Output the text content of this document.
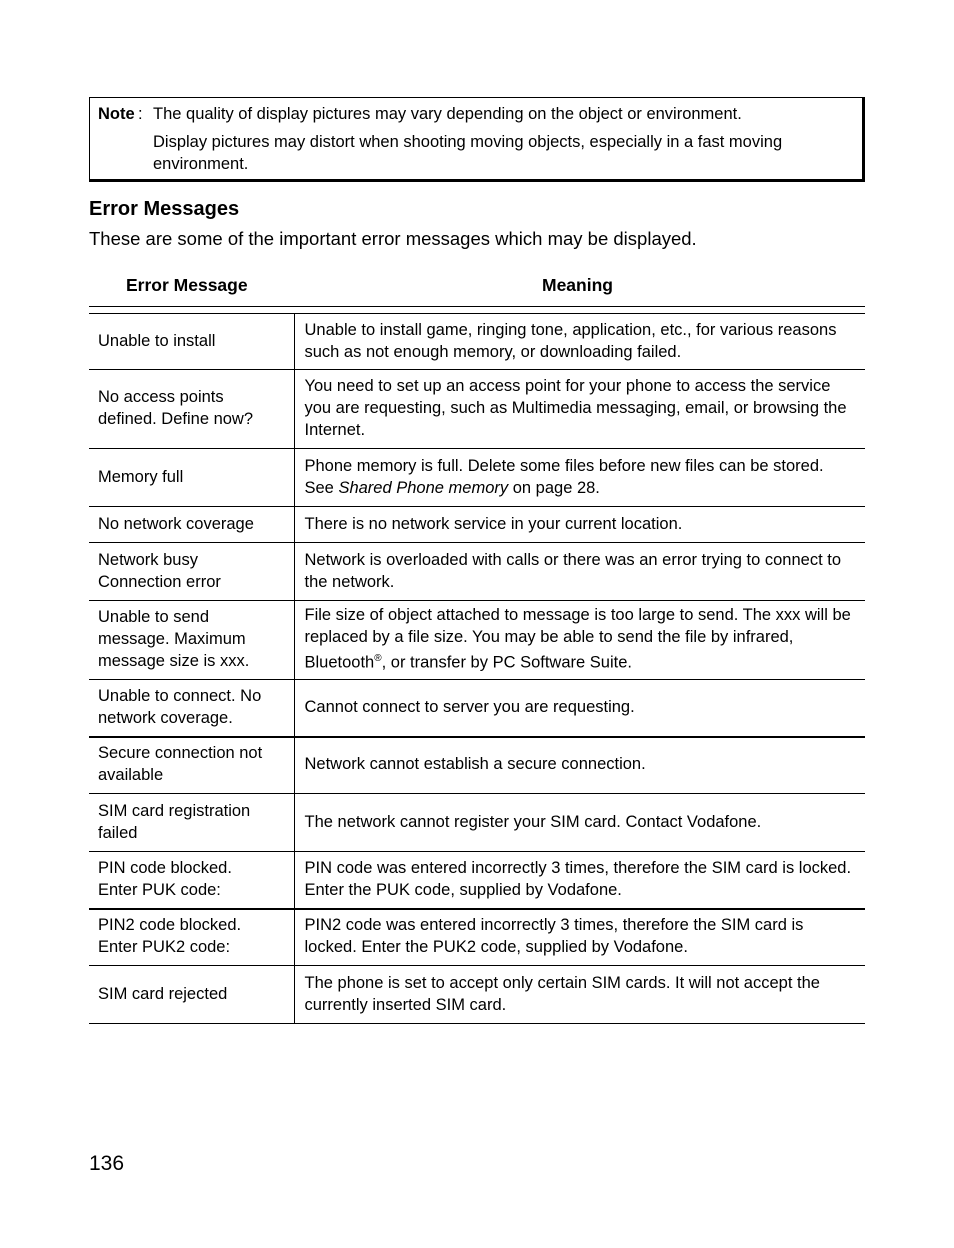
Note : The quality of display pictures may vary depending on the object or environment.
Display pictures may distort when shooting moving objects, especially in a fast moving environment.
Error Messages
These are some of the important error messages which may be displayed.
Error Message	Meaning
Unable to install	Unable to install game, ringing tone, application, etc., for various reasons such as not enough memory, or downloading failed.
No access points
defined. Define now?	You need to set up an access point for your phone to access the service you are requesting, such as Multimedia messaging, email, or browsing the Internet.
Memory full	Phone memory is full. Delete some files before new files can be stored. See Shared Phone memory on page 28.
No network coverage	There is no network service in your current location.
Network busy
Connection error	Network is overloaded with calls or there was an error trying to connect to the network.
Unable to send
message. Maximum
message size is xxx.	File size of object attached to message is too large to send. The xxx will be replaced by a file size. You may be able to send the file by infrared, Bluetooth®, or transfer by PC Software Suite.
Unable to connect. No
network coverage.	Cannot connect to server you are requesting.
Secure connection not
available	Network cannot establish a secure connection.
SIM card registration
failed	The network cannot register your SIM card. Contact Vodafone.
PIN code blocked.
Enter PUK code:	PIN code was entered incorrectly 3 times, therefore the SIM card is locked. Enter the PUK code, supplied by Vodafone.
PIN2 code blocked.
Enter PUK2 code:	PIN2 code was entered incorrectly 3 times, therefore the SIM card is locked. Enter the PUK2 code, supplied by Vodafone.
SIM card rejected	The phone is set to accept only certain SIM cards. It will not accept the currently inserted SIM card.
136
